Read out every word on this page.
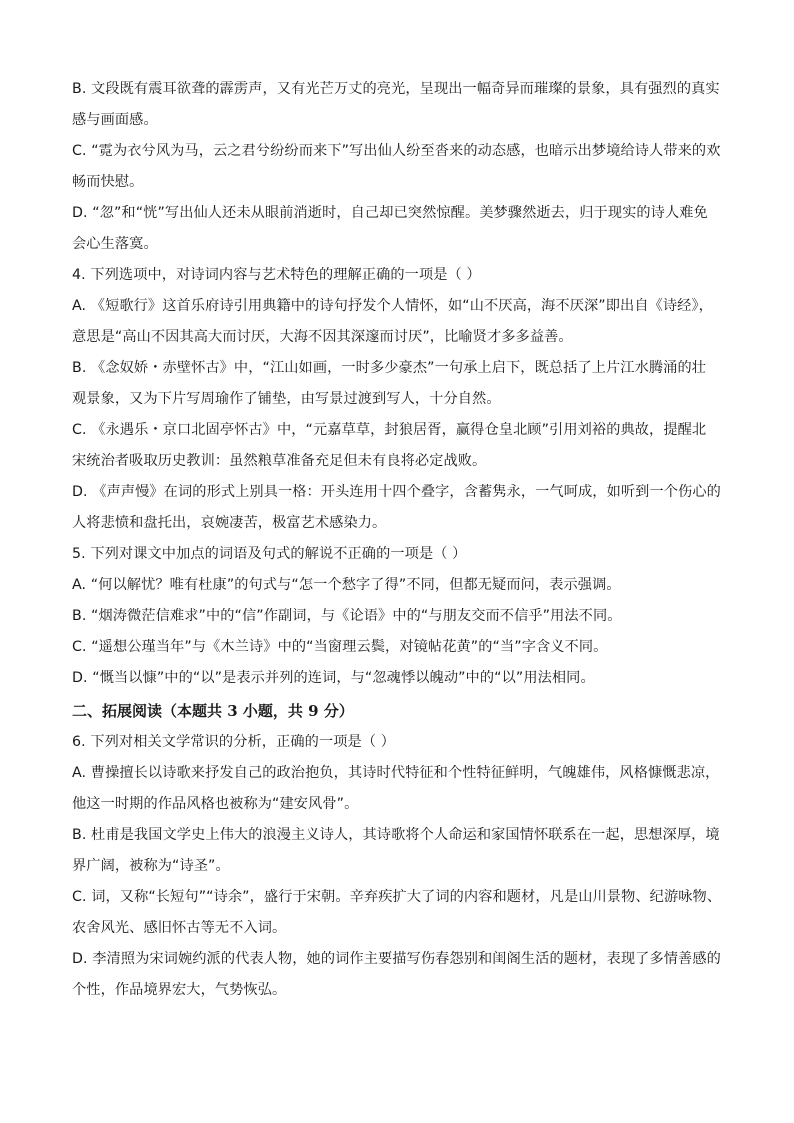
B. 文段既有震耳欲聋的霹雳声，又有光芒万丈的亮光，呈现出一幅奇异而璀璨的景象，具有强烈的真实
感与画面感。
C. “霓为衣兮风为马，云之君兮纷纷而来下”写出仙人纷至沓来的动态感，也暗示出梦境给诗人带来的欢
畅而快慰。
D. “忽”和“恍”写出仙人还未从眼前消逝时，自己却已突然惊醒。美梦骤然逝去，归于现实的诗人难免
会心生落寞。
4. 下列选项中，对诗词内容与艺术特色的理解正确的一项是（ ）
A. 《短歌行》这首乐府诗引用典籍中的诗句抒发个人情怀，如“山不厌高，海不厌深”即出自《诗经》，
意思是“高山不因其高大而讨厌，大海不因其深邃而讨厌”，比喻贤才多多益善。
B. 《念奴娇・赤壁怀古》中，“江山如画，一时多少豪杰”一句承上启下，既总括了上片江水腾涌的壮
观景象，又为下片写周瑜作了铺垫，由写景过渡到写人，十分自然。
C. 《永遇乐・京口北固亭怀古》中，“元嘉草草，封狼居胥，赢得仓皇北顾”引用刘裕的典故，提醒北
宋统治者吸取历史教训：虽然粮草准备充足但未有良将必定战败。
D. 《声声慢》在词的形式上别具一格：开头连用十四个叠字，含蓄隽永，一气呵成，如听到一个伤心的
人将悲愤和盘托出，哀婉凄苦，极富艺术感染力。
5. 下列对课文中加点的词语及句式的解说不正确的一项是（ ）
A. “何以解忧？唯有杜康”的句式与“怎一个愁字了得”不同，但都无疑而问，表示强调。
B. “烟涛微茫信难求”中的“信”作副词，与《论语》中的“与朋友交而不信乎”用法不同。
C. “遥想公瑾当年”与《木兰诗》中的“当窗理云鬓，对镜帖花黄”的“当”字含义不同。
D. “慨当以慷”中的“以”是表示并列的连词，与“忽魂悸以魄动”中的“以”用法相同。
二、拓展阅读（本题共 3 小题，共 9 分）
6. 下列对相关文学常识的分析，正确的一项是（ ）
A. 曹操擅长以诗歌来抒发自己的政治抱负，其诗时代特征和个性特征鲜明，气魄雄伟，风格慷慨悲凉，
他这一时期的作品风格也被称为“建安风骨”。
B. 杜甫是我国文学史上伟大的浪漫主义诗人，其诗歌将个人命运和家国情怀联系在一起，思想深厚，境
界广阔，被称为“诗圣”。
C. 词，又称“长短句”“诗余”，盛行于宋朝。辛弃疾扩大了词的内容和题材，凡是山川景物、纪游咏物、
农舍风光、感旧怀古等无不入词。
D. 李清照为宋词婉约派的代表人物，她的词作主要描写伤春怨别和闺阁生活的题材，表现了多情善感的
个性，作品境界宏大，气势恢弘。
